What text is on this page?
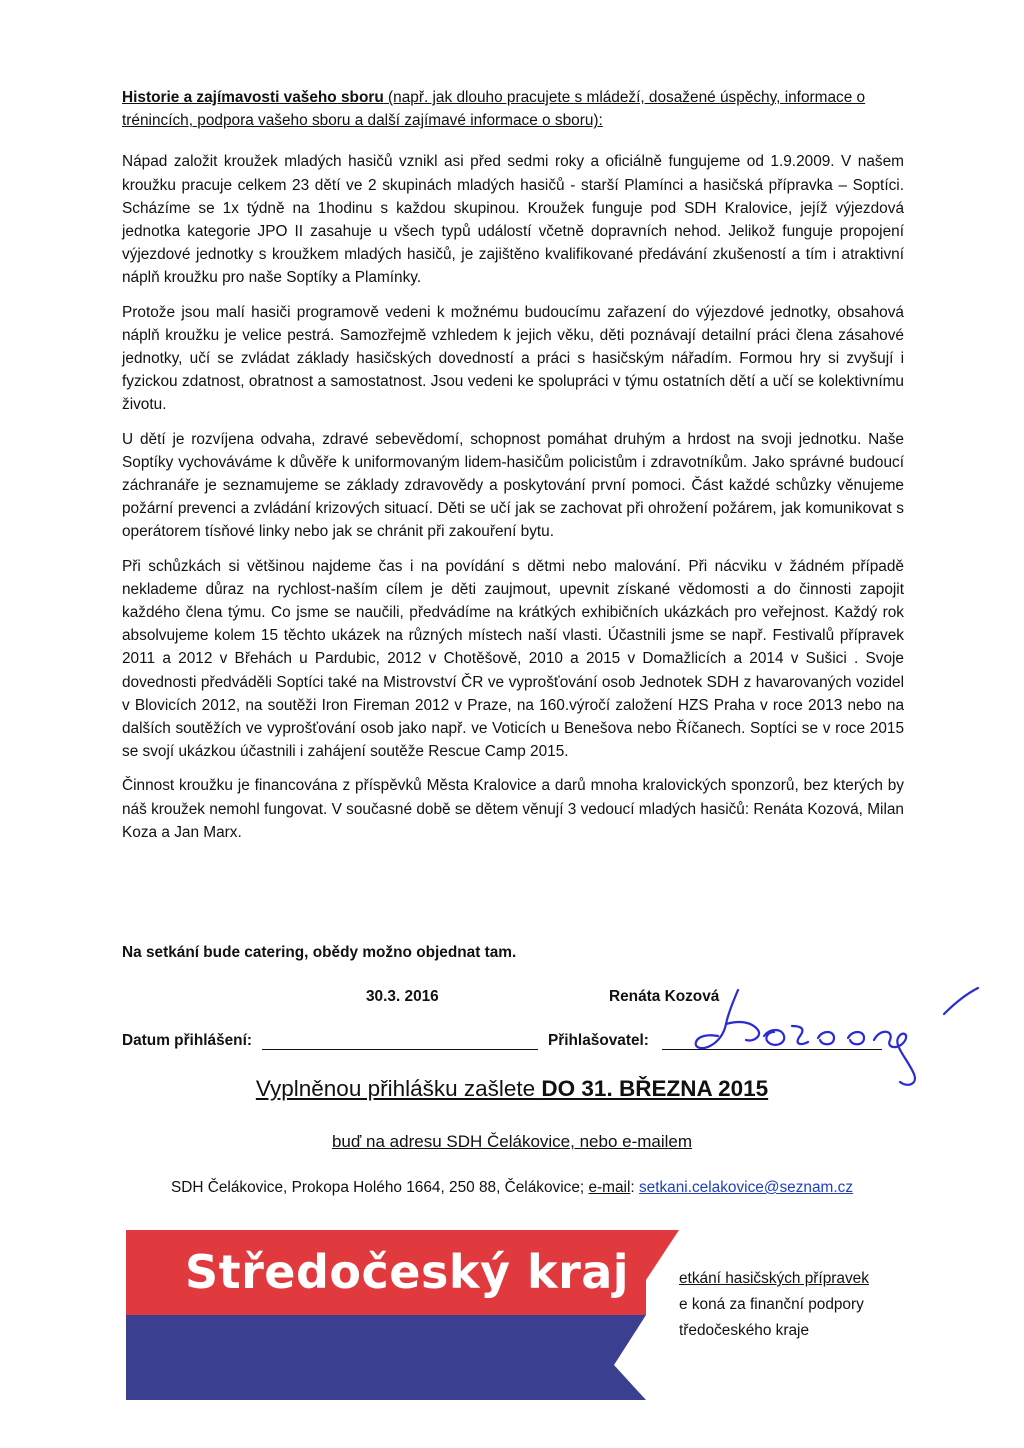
Historie a zajímavosti vašeho sboru (např. jak dlouho pracujete s mládeží, dosažené úspěchy, informace o trénincích, podpora vašeho sboru a další zajímavé informace o sboru):

Nápad založit kroužek mladých hasičů vznikl asi před sedmi roky a oficiálně fungujeme od 1.9.2009. V našem kroužku pracuje celkem 23 dětí ve 2 skupinách mladých hasičů - starší Plamínci a hasičská přípravka – Soptíci. Scházíme se 1x týdně na 1hodinu s každou skupinou. Kroužek funguje pod SDH Kralovice, jejíž výjezdová jednotka kategorie JPO II zasahuje u všech typů událostí včetně dopravních nehod. Jelikož funguje propojení výjezdové jednotky s kroužkem mladých hasičů, je zajištěno kvalifikované předávání zkušeností a tím i atraktivní náplň kroužku pro naše Soptíky a Plamínky.

Protože jsou malí hasiči programově vedeni k možnému budoucímu zařazení do výjezdové jednotky, obsahová náplň kroužku je velice pestrá. Samozřejmě vzhledem k jejich věku, děti poznávají detailní práci člena zásahové jednotky, učí se zvládat základy hasičských dovedností a práci s hasičským nářadím. Formou hry si zvyšují i fyzickou zdatnost, obratnost a samostatnost. Jsou vedeni ke spolupráci v týmu ostatních dětí a učí se kolektivnímu životu.

U dětí je rozvíjena odvaha, zdravé sebevědomí, schopnost pomáhat druhým a hrdost na svoji jednotku. Naše Soptíky vychováváme k důvěře k uniformovaným lidem-hasičům policistům i zdravotníkům. Jako správné budoucí záchranáře je seznamujeme se základy zdravovědy a poskytování první pomoci. Část každé schůzky věnujeme požární prevenci a zvládání krizových situací. Děti se učí jak se zachovat při ohrožení požárem, jak komunikovat s operátorem tísňové linky nebo jak se chránit při zakouření bytu.

Při schůzkách si většinou najdeme čas i na povídání s dětmi nebo malování. Při nácviku v žádném případě neklademe důraz na rychlost-naším cílem je děti zaujmout, upevnit získané vědomosti a do činnosti zapojit každého člena týmu. Co jsme se naučili, předvádíme na krátkých exhibičních ukázkách pro veřejnost. Každý rok absolvujeme kolem 15 těchto ukázek na různých místech naší vlasti. Účastnili jsme se např. Festivalů přípravek 2011 a 2012 v Břehách u Pardubic, 2012 v Chotěšově, 2010 a 2015 v Domažlicích a 2014 v Sušici . Svoje dovednosti předváděli Soptíci také na Mistrovství ČR ve vyprošťování osob Jednotek SDH z havarovaných vozidel v Blovicích 2012, na soutěži Iron Fireman 2012 v Praze, na 160.výročí založení HZS Praha v roce 2013 nebo na dalších soutěžích ve vyprošťování osob jako např. ve Voticích u Benešova nebo Říčanech. Soptíci se v roce 2015 se svojí ukázkou účastnili i zahájení soutěže Rescue Camp 2015.

Činnost kroužku je financována z příspěvků Města Kralovice a darů mnoha kralovických sponzorů, bez kterých by náš kroužek nemohl fungovat. V současné době se dětem věnují 3 vedoucí mladých hasičů: Renáta Kozová, Milan Koza a Jan Marx.

Na setkání bude catering, obědy možno objednat tam.
30.3. 2016	Renáta Kozová
Datum přihlášení:	Přihlašovatel:
Vyplněnou přihlášku zašlete DO 31. BŘEZNA 2015
buď na adresu SDH Čelákovice, nebo e-mailem
SDH Čelákovice, Prokopa Holého 1664, 250 88, Čelákovice; e-mail: setkani.celakovice@seznam.cz
Středočeský kraj	etkání hasičských přípravek
e koná za finanční podpory
tředočeského kraje
